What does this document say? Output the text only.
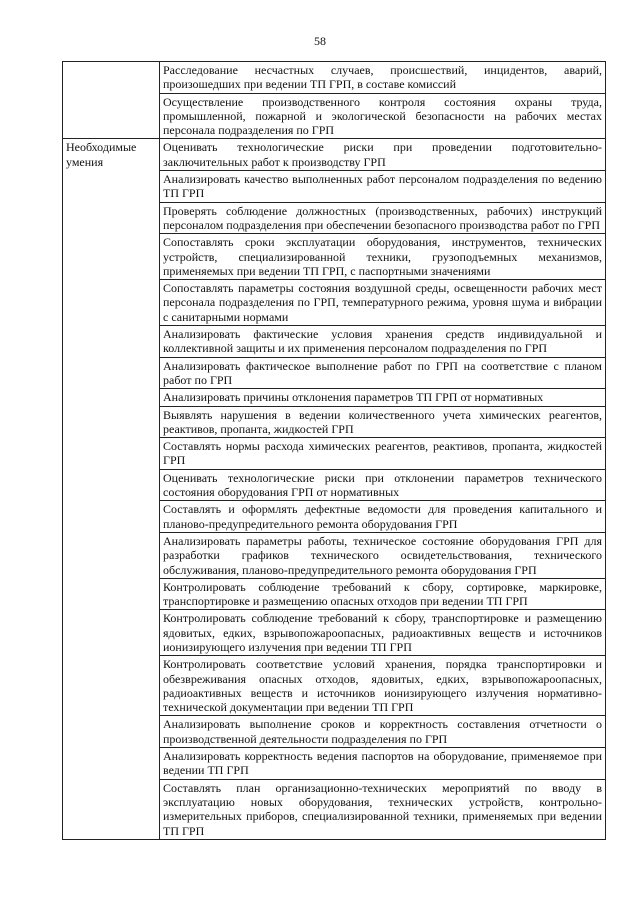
58
	Расследование несчастных случаев, происшествий, инцидентов, аварий, произошедших при ведении ТП ГРП, в составе комиссий
	Осуществление производственного контроля состояния охраны труда, промышленной, пожарной и экологической безопасности на рабочих местах персонала подразделения по ГРП
Необходимые умения	Оценивать технологические риски при проведении подготовительно-заключительных работ к производству ГРП
	Анализировать качество выполненных работ персоналом подразделения по ведению ТП ГРП
	Проверять соблюдение должностных (производственных, рабочих) инструкций персоналом подразделения при обеспечении безопасного производства работ по ГРП
	Сопоставлять сроки эксплуатации оборудования, инструментов, технических устройств, специализированной техники, грузоподъемных механизмов, применяемых при ведении ТП ГРП, с паспортными значениями
	Сопоставлять параметры состояния воздушной среды, освещенности рабочих мест персонала подразделения по ГРП, температурного режима, уровня шума и вибрации с санитарными нормами
	Анализировать фактические условия хранения средств индивидуальной и коллективной защиты и их применения персоналом подразделения по ГРП
	Анализировать фактическое выполнение работ по ГРП на соответствие с планом работ по ГРП
	Анализировать причины отклонения параметров ТП ГРП от нормативных
	Выявлять нарушения в ведении количественного учета химических реагентов, реактивов, пропанта, жидкостей ГРП
	Составлять нормы расхода химических реагентов, реактивов, пропанта, жидкостей ГРП
	Оценивать технологические риски при отклонении параметров технического состояния оборудования ГРП от нормативных
	Составлять и оформлять дефектные ведомости для проведения капитального и планово-предупредительного ремонта оборудования ГРП
	Анализировать параметры работы, техническое состояние оборудования ГРП для разработки графиков технического освидетельствования, технического обслуживания, планово-предупредительного ремонта оборудования ГРП
	Контролировать соблюдение требований к сбору, сортировке, маркировке, транспортировке и размещению опасных отходов при ведении ТП ГРП
	Контролировать соблюдение требований к сбору, транспортировке и размещению ядовитых, едких, взрывопожароопасных, радиоактивных веществ и источников ионизирующего излучения при ведении ТП ГРП
	Контролировать соответствие условий хранения, порядка транспортировки и обезвреживания опасных отходов, ядовитых, едких, взрывопожароопасных, радиоактивных веществ и источников ионизирующего излучения нормативно-технической документации при ведении ТП ГРП
	Анализировать выполнение сроков и корректность составления отчетности о производственной деятельности подразделения по ГРП
	Анализировать корректность ведения паспортов на оборудование, применяемое при ведении ТП ГРП
	Составлять план организационно-технических мероприятий по вводу в эксплуатацию новых оборудования, технических устройств, контрольно-измерительных приборов, специализированной техники, применяемых при ведении ТП ГРП
